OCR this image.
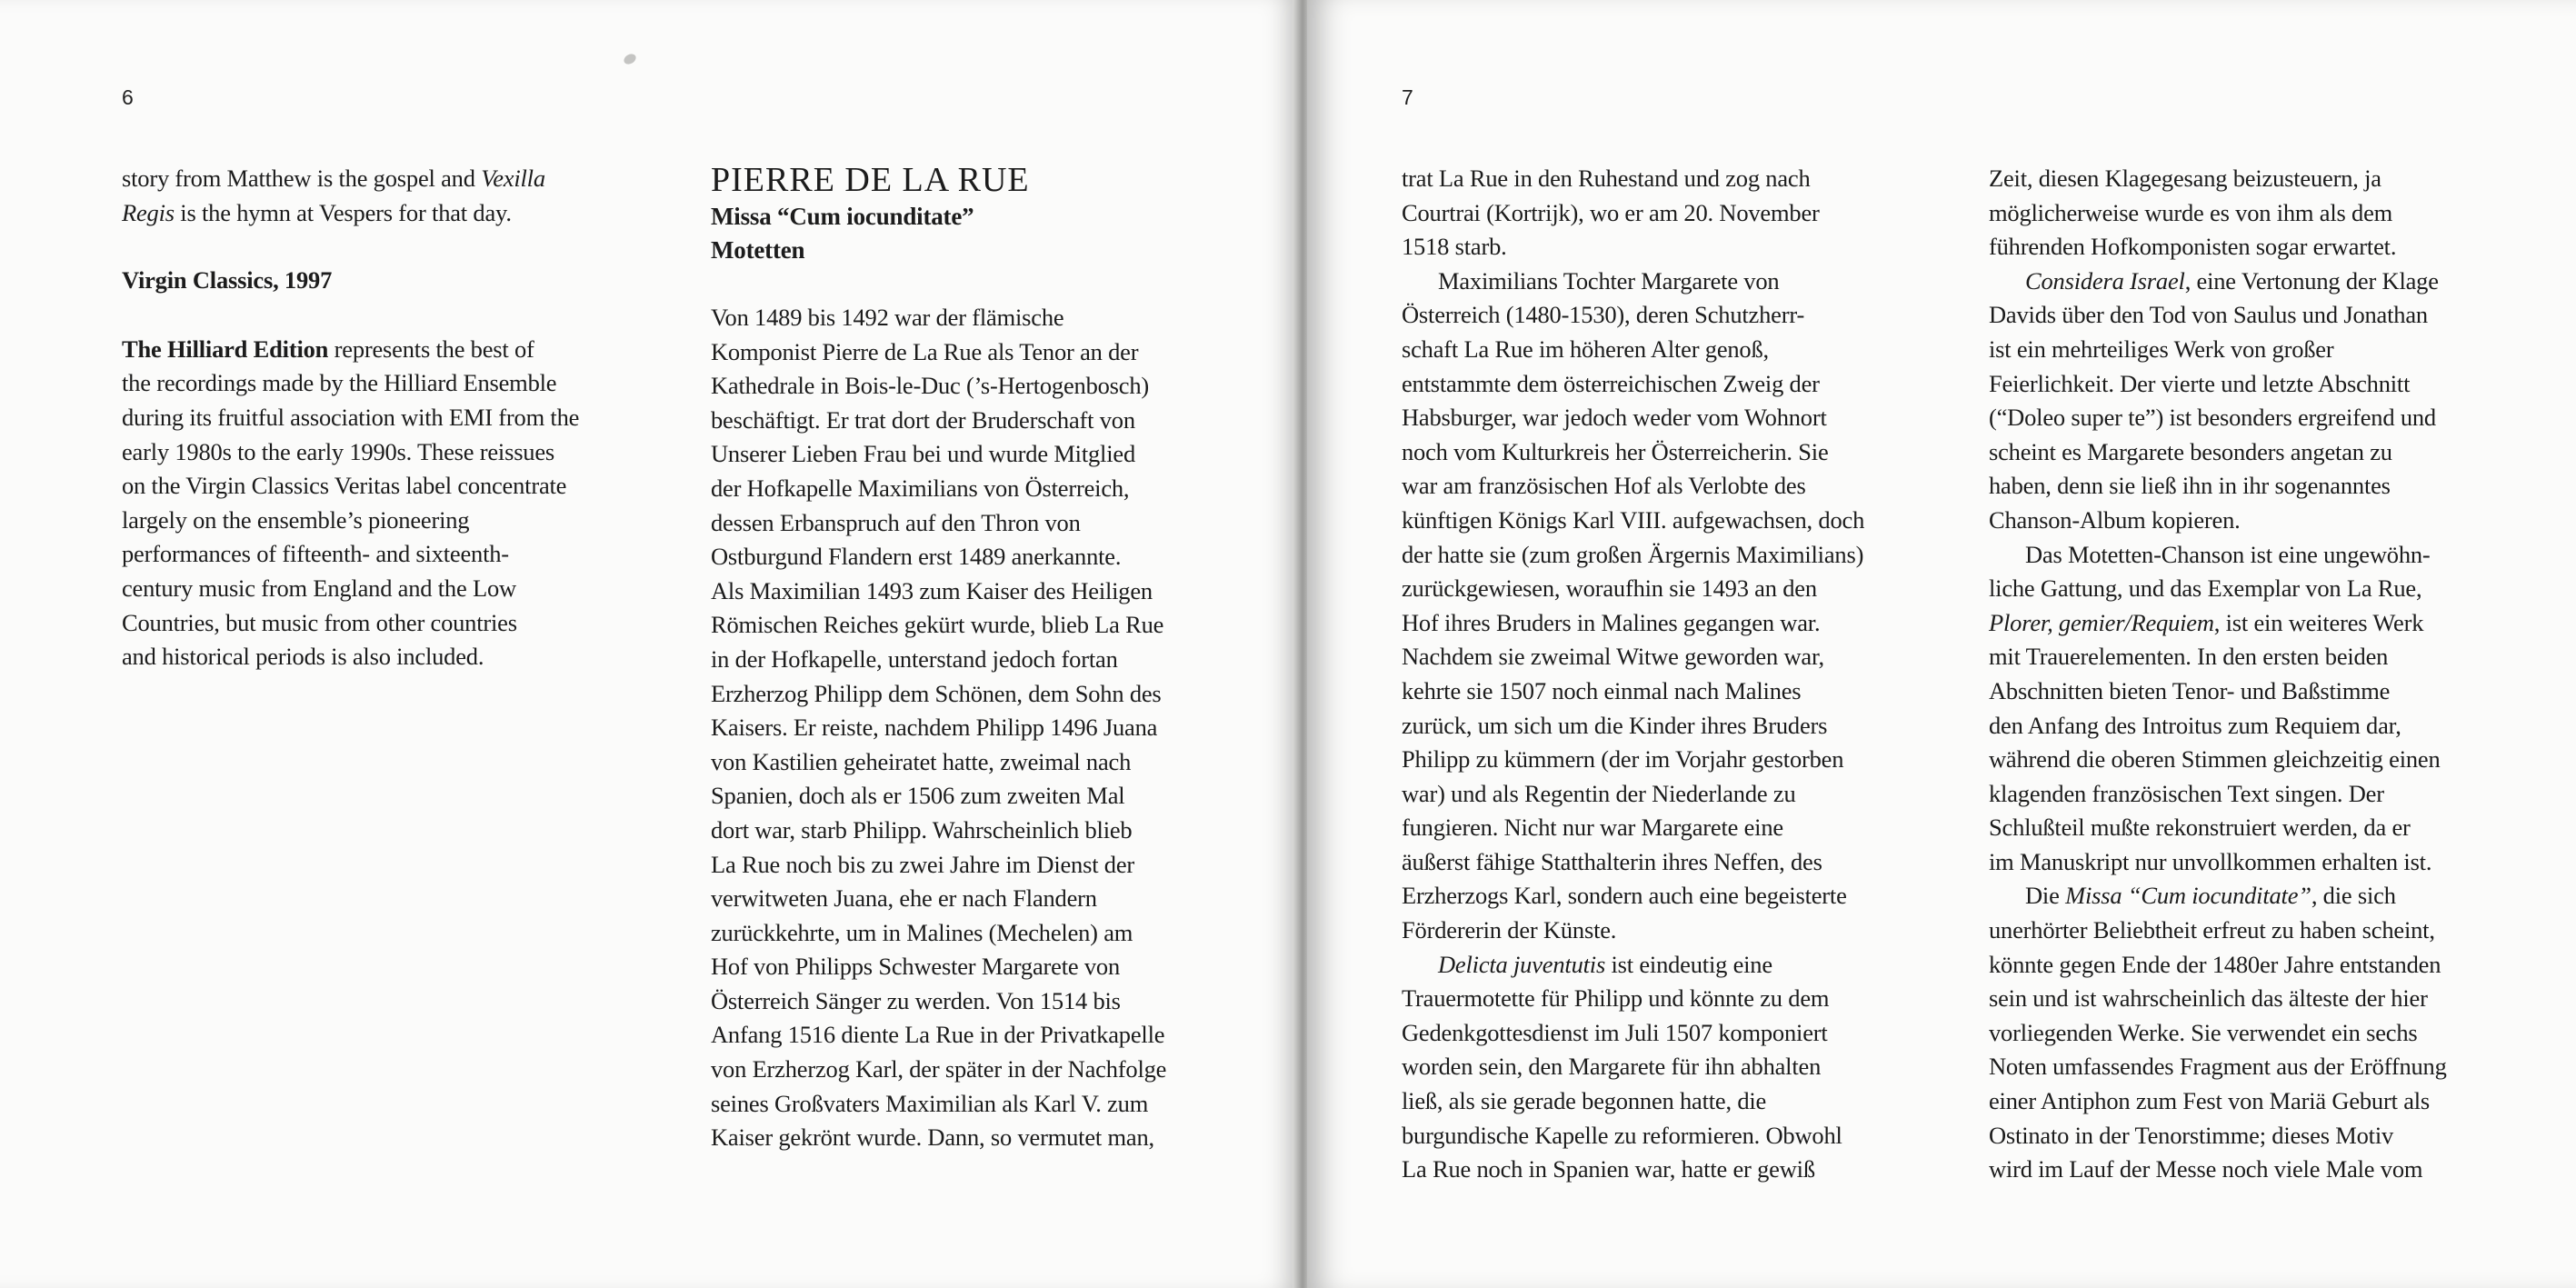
6

story from Matthew is the gospel and Vexilla
Regis is the hymn at Vespers for that day.

Virgin Classics, 1997

The Hilliard Edition represents the best of
the recordings made by the Hilliard Ensemble
during its fruitful association with EMI from the
early 1980s to the early 1990s. These reissues
on the Virgin Classics Veritas label concentrate
largely on the ensemble’s pioneering
performances of fifteenth- and sixteenth-
century music from England and the Low
Countries, but music from other countries
and historical periods is also included.

PIERRE DE LA RUE

Missa “Cum iocunditate”

Motetten

Von 1489 bis 1492 war der flämische
Komponist Pierre de La Rue als Tenor an der
Kathedrale in Bois-le-Duc (’s-Hertogenbosch)
beschäftigt. Er trat dort der Bruderschaft von
Unserer Lieben Frau bei und wurde Mitglied
der Hofkapelle Maximilians von Österreich,
dessen Erbanspruch auf den Thron von
Ostburgund Flandern erst 1489 anerkannte.
Als Maximilian 1493 zum Kaiser des Heiligen
Römischen Reiches gekürt wurde, blieb La Rue
in der Hofkapelle, unterstand jedoch fortan
Erzherzog Philipp dem Schönen, dem Sohn des
Kaisers. Er reiste, nachdem Philipp 1496 Juana
von Kastilien geheiratet hatte, zweimal nach
Spanien, doch als er 1506 zum zweiten Mal
dort war, starb Philipp. Wahrscheinlich blieb
La Rue noch bis zu zwei Jahre im Dienst der
verwitweten Juana, ehe er nach Flandern
zurückkehrte, um in Malines (Mechelen) am
Hof von Philipps Schwester Margarete von
Österreich Sänger zu werden. Von 1514 bis
Anfang 1516 diente La Rue in der Privatkapelle
von Erzherzog Karl, der später in der Nachfolge
seines Großvaters Maximilian als Karl V. zum
Kaiser gekrönt wurde. Dann, so vermutet man,

7

trat La Rue in den Ruhestand und zog nach
Courtrai (Kortrijk), wo er am 20. November
1518 starb.

Maximilians Tochter Margarete von
Österreich (1480-1530), deren Schutzherr-
schaft La Rue im höheren Alter genoß,
entstammte dem österreichischen Zweig der
Habsburger, war jedoch weder vom Wohnort
noch vom Kulturkreis her Österreicherin. Sie
war am französischen Hof als Verlobte des
künftigen Königs Karl VIII. aufgewachsen, doch
der hatte sie (zum großen Ärgernis Maximilians)
zurückgewiesen, woraufhin sie 1493 an den
Hof ihres Bruders in Malines gegangen war.
Nachdem sie zweimal Witwe geworden war,
kehrte sie 1507 noch einmal nach Malines
zurück, um sich um die Kinder ihres Bruders
Philipp zu kümmern (der im Vorjahr gestorben
war) und als Regentin der Niederlande zu
fungieren. Nicht nur war Margarete eine
äußerst fähige Statthalterin ihres Neffen, des
Erzherzogs Karl, sondern auch eine begeisterte
Fördererin der Künste.

Delicta juventutis ist eindeutig eine
Trauermotette für Philipp und könnte zu dem
Gedenkgottesdienst im Juli 1507 komponiert
worden sein, den Margarete für ihn abhalten
ließ, als sie gerade begonnen hatte, die
burgundische Kapelle zu reformieren. Obwohl
La Rue noch in Spanien war, hatte er gewiß

Zeit, diesen Klagegesang beizusteuern, ja
möglicherweise wurde es von ihm als dem
führenden Hofkomponisten sogar erwartet.

Considera Israel, eine Vertonung der Klage
Davids über den Tod von Saulus und Jonathan
ist ein mehrteiliges Werk von großer
Feierlichkeit. Der vierte und letzte Abschnitt
(“Doleo super te”) ist besonders ergreifend und
scheint es Margarete besonders angetan zu
haben, denn sie ließ ihn in ihr sogenanntes
Chanson-Album kopieren.

Das Motetten-Chanson ist eine ungewöhn-
liche Gattung, und das Exemplar von La Rue,
Plorer, gemier/Requiem, ist ein weiteres Werk
mit Trauerelementen. In den ersten beiden
Abschnitten bieten Tenor- und Baßstimme
den Anfang des Introitus zum Requiem dar,
während die oberen Stimmen gleichzeitig einen
klagenden französischen Text singen. Der
Schlußteil mußte rekonstruiert werden, da er
im Manuskript nur unvollkommen erhalten ist.

Die Missa “Cum iocunditate”, die sich
unerhörter Beliebtheit erfreut zu haben scheint,
könnte gegen Ende der 1480er Jahre entstanden
sein und ist wahrscheinlich das älteste der hier
vorliegenden Werke. Sie verwendet ein sechs
Noten umfassendes Fragment aus der Eröffnung
einer Antiphon zum Fest von Mariä Geburt als
Ostinato in der Tenorstimme; dieses Motiv
wird im Lauf der Messe noch viele Male vom
